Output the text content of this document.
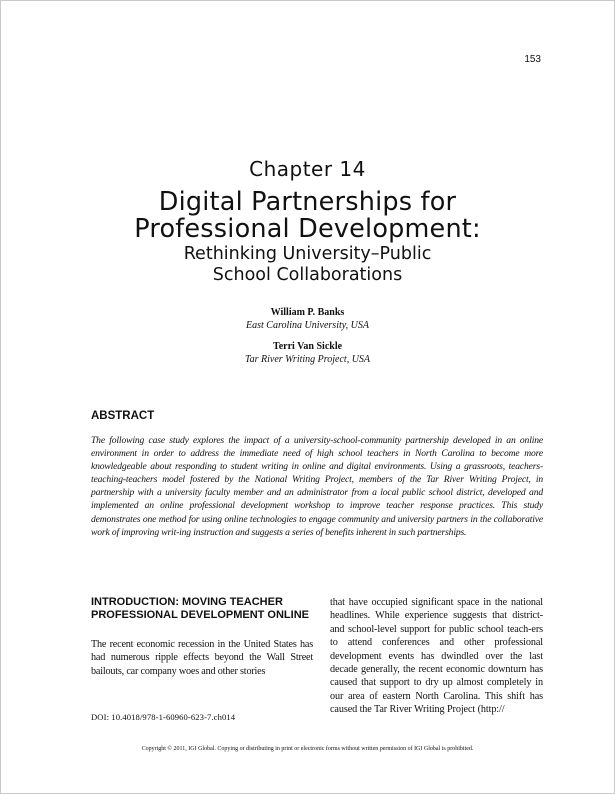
153
Chapter 14
Digital Partnerships for
Professional Development:
Rethinking University–Public
School Collaborations
William P. Banks
East Carolina University, USA
Terri Van Sickle
Tar River Writing Project, USA
ABSTRACT
The following case study explores the impact of a university-school-community partnership developed in an online environment in order to address the immediate need of high school teachers in North Carolina to become more knowledgeable about responding to student writing in online and digital environments. Using a grassroots, teachers-teaching-teachers model fostered by the National Writing Project, members of the Tar River Writing Project, in partnership with a university faculty member and an administrator from a local public school district, developed and implemented an online professional development workshop to improve teacher response practices. This study demonstrates one method for using online technologies to engage community and university partners in the collaborative work of improving writ-ing instruction and suggests a series of benefits inherent in such partnerships.
INTRODUCTION: MOVING TEACHER PROFESSIONAL DEVELOPMENT ONLINE
The recent economic recession in the United States has had numerous ripple effects beyond the Wall Street bailouts, car company woes and other stories
that have occupied significant space in the national headlines. While experience suggests that district- and school-level support for public school teach-ers to attend conferences and other professional development events has dwindled over the last decade generally, the recent economic downturn has caused that support to dry up almost completely in our area of eastern North Carolina. This shift has caused the Tar River Writing Project (http://
DOI: 10.4018/978-1-60960-623-7.ch014
Copyright © 2011, IGI Global. Copying or distributing in print or electronic forms without written permission of IGI Global is prohibited.
